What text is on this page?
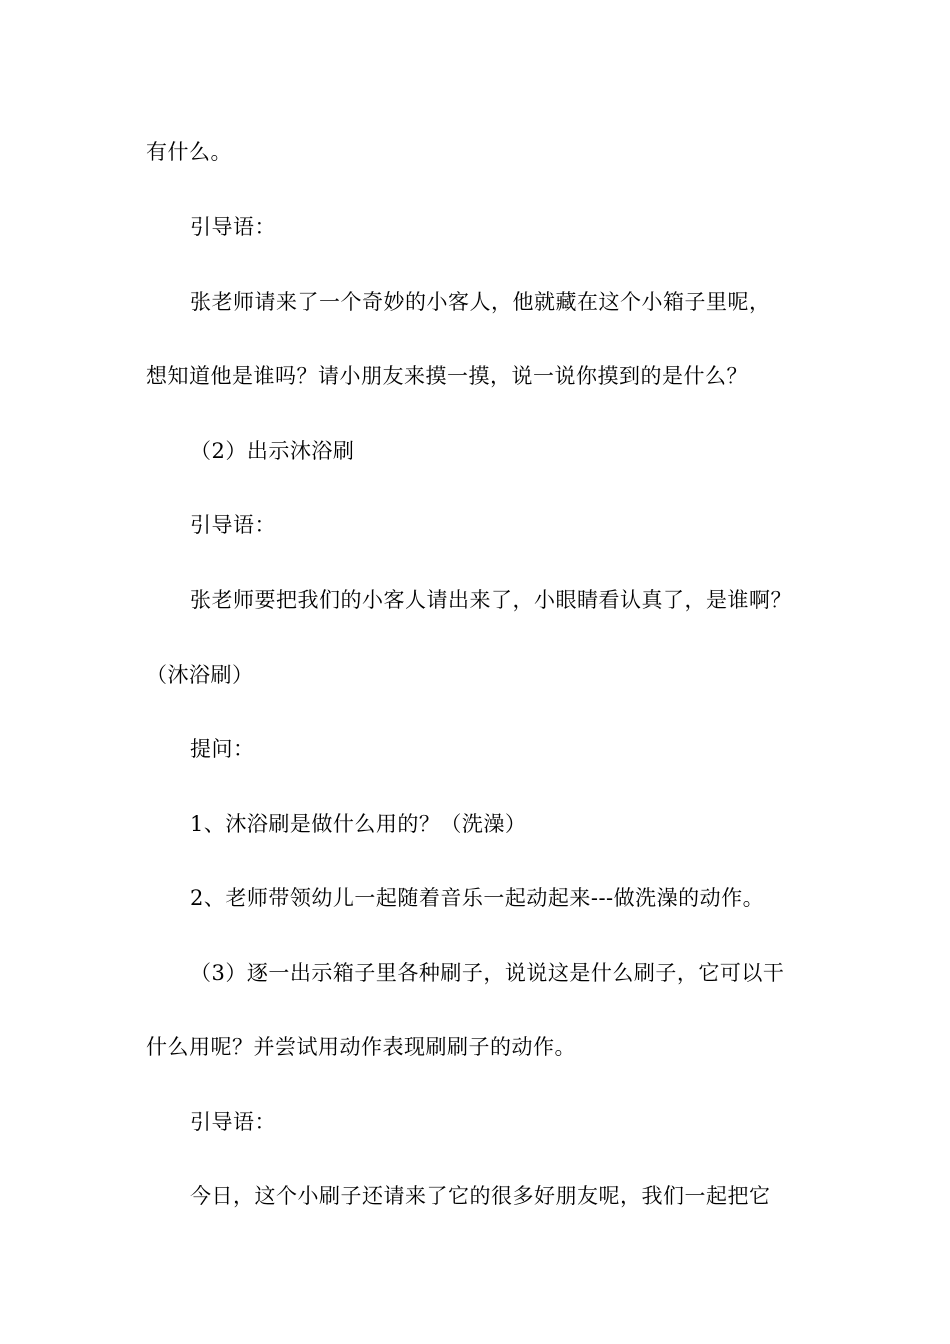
有什么。
引导语：
张老师请来了一个奇妙的小客人，他就藏在这个小箱子里呢，
想知道他是谁吗？请小朋友来摸一摸，说一说你摸到的是什么？
（2）出示沐浴刷
引导语：
张老师要把我们的小客人请出来了，小眼睛看认真了，是谁啊？
（沐浴刷）
提问：
1、沐浴刷是做什么用的？（洗澡）
2、老师带领幼儿一起随着音乐一起动起来---做洗澡的动作。
（3）逐一出示箱子里各种刷子，说说这是什么刷子，它可以干
什么用呢？并尝试用动作表现刷刷子的动作。
引导语：
今日，这个小刷子还请来了它的很多好朋友呢，我们一起把它
